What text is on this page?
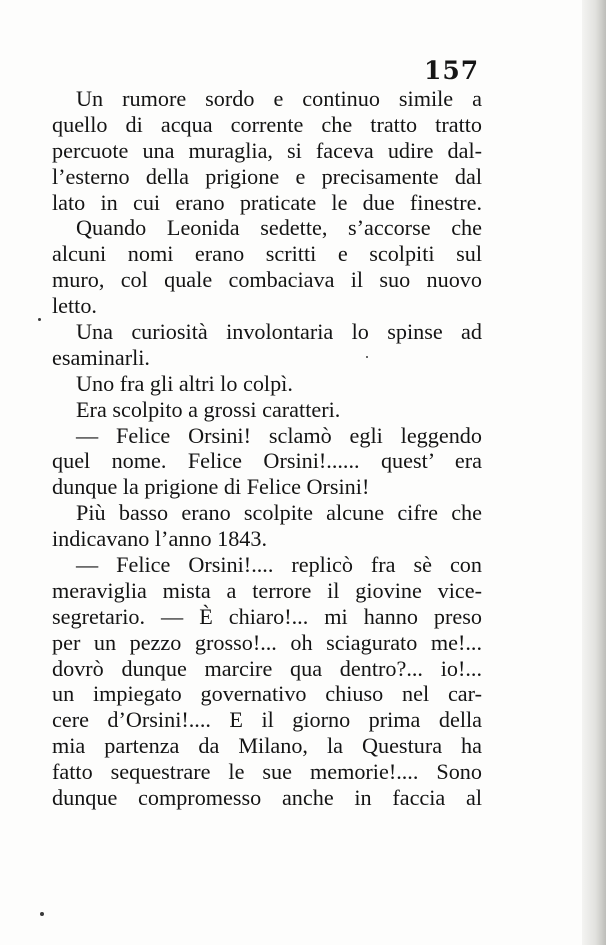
157
Un rumore sordo e continuo simile a
quello di acqua corrente che tratto tratto
percuote una muraglia, si faceva udire dal-
l’esterno della prigione e precisamente dal
lato in cui erano praticate le due finestre.
Quando Leonida sedette, s’accorse che
alcuni nomi erano scritti e scolpiti sul
muro, col quale combaciava il suo nuovo
letto.
Una curiosità involontaria lo spinse ad
esaminarli.
Uno fra gli altri lo colpì.
Era scolpito a grossi caratteri.
— Felice Orsini! sclamò egli leggendo
quel nome. Felice Orsini!...... quest’ era
dunque la prigione di Felice Orsini!
Più basso erano scolpite alcune cifre che
indicavano l’anno 1843.
— Felice Orsini!.... replicò fra sè con
meraviglia mista a terrore il giovine vice-
segretario. — È chiaro!... mi hanno preso
per un pezzo grosso!... oh sciagurato me!...
dovrò dunque marcire qua dentro?... io!...
un impiegato governativo chiuso nel car-
cere d’Orsini!.... E il giorno prima della
mia partenza da Milano, la Questura ha
fatto sequestrare le sue memorie!.... Sono
dunque compromesso anche in faccia al
